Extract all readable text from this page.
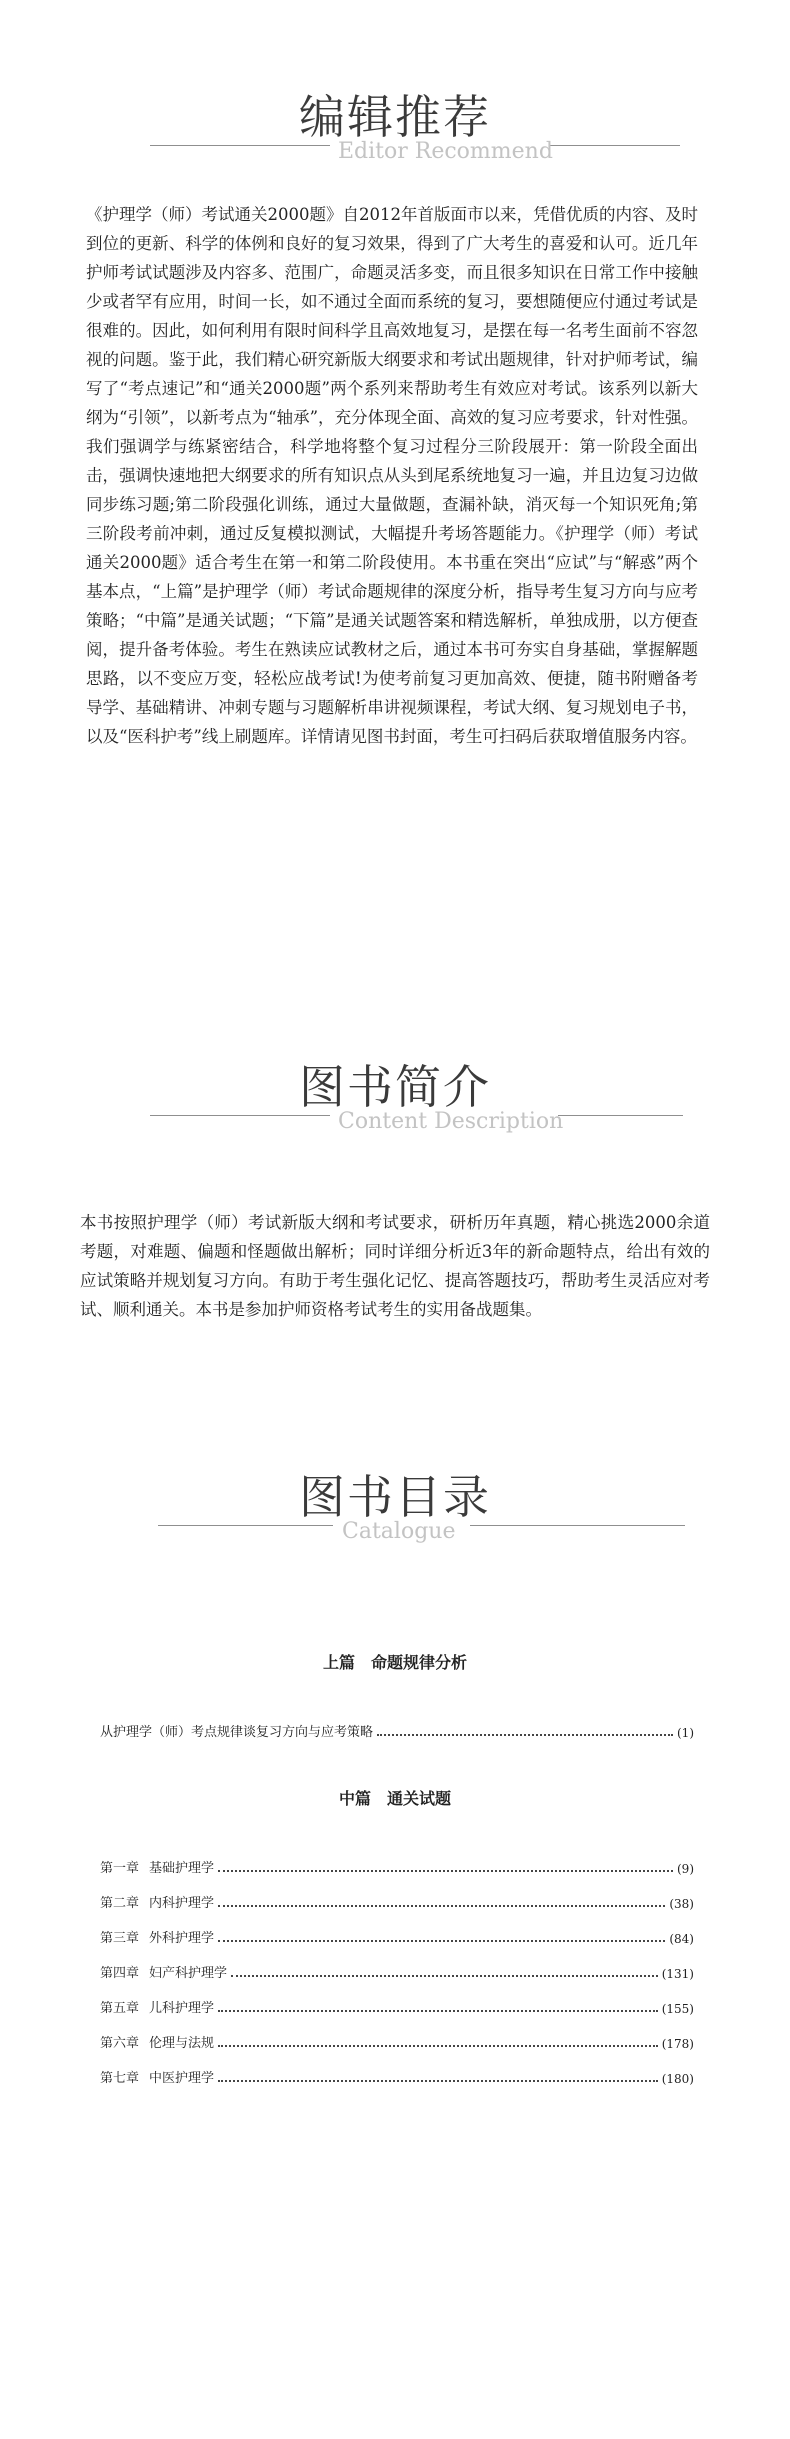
编辑推荐
Editor Recommend
《护理学（师）考试通关2000题》自2012年首版面市以来，凭借优质的内容、及时到位的更新、科学的体例和良好的复习效果，得到了广大考生的喜爱和认可。近几年护师考试试题涉及内容多、范围广，命题灵活多变，而且很多知识在日常工作中接触少或者罕有应用，时间一长，如不通过全面而系统的复习，要想随便应付通过考试是很难的。因此，如何利用有限时间科学且高效地复习，是摆在每一名考生面前不容忽视的问题。鉴于此，我们精心研究新版大纲要求和考试出题规律，针对护师考试，编写了“考点速记”和“通关2000题”两个系列来帮助考生有效应对考试。该系列以新大纲为“引领”，以新考点为“轴承”，充分体现全面、高效的复习应考要求，针对性强。我们强调学与练紧密结合，科学地将整个复习过程分三阶段展开：第一阶段全面出击，强调快速地把大纲要求的所有知识点从头到尾系统地复习一遍，并且边复习边做同步练习题;第二阶段强化训练，通过大量做题，查漏补缺，消灭每一个知识死角;第三阶段考前冲刺，通过反复模拟测试，大幅提升考场答题能力。《护理学（师）考试通关2000题》适合考生在第一和第二阶段使用。本书重在突出“应试”与“解惑”两个基本点，“上篇”是护理学（师）考试命题规律的深度分析，指导考生复习方向与应考策略；“中篇”是通关试题；“下篇”是通关试题答案和精选解析，单独成册，以方便查阅，提升备考体验。考生在熟读应试教材之后，通过本书可夯实自身基础，掌握解题思路，以不变应万变，轻松应战考试!为使考前复习更加高效、便捷，随书附赠备考导学、基础精讲、冲刺专题与习题解析串讲视频课程，考试大纲、复习规划电子书，以及“医科护考”线上刷题库。详情请见图书封面，考生可扫码后获取增值服务内容。
图书简介
Content Description
本书按照护理学（师）考试新版大纲和考试要求，研析历年真题，精心挑选2000余道考题，对难题、偏题和怪题做出解析；同时详细分析近3年的新命题特点，给出有效的应试策略并规划复习方向。有助于考生强化记忆、提高答题技巧，帮助考生灵活应对考试、顺利通关。本书是参加护师资格考试考生的实用备战题集。
图书目录
Catalogue
上篇　命题规律分析
从护理学（师）考点规律谈复习方向与应考策略	(1)
中篇　通关试题
第一章 基础护理学	(9)
第二章 内科护理学	(38)
第三章 外科护理学	(84)
第四章 妇产科护理学	(131)
第五章 儿科护理学	(155)
第六章 伦理与法规	(178)
第七章 中医护理学	(180)
